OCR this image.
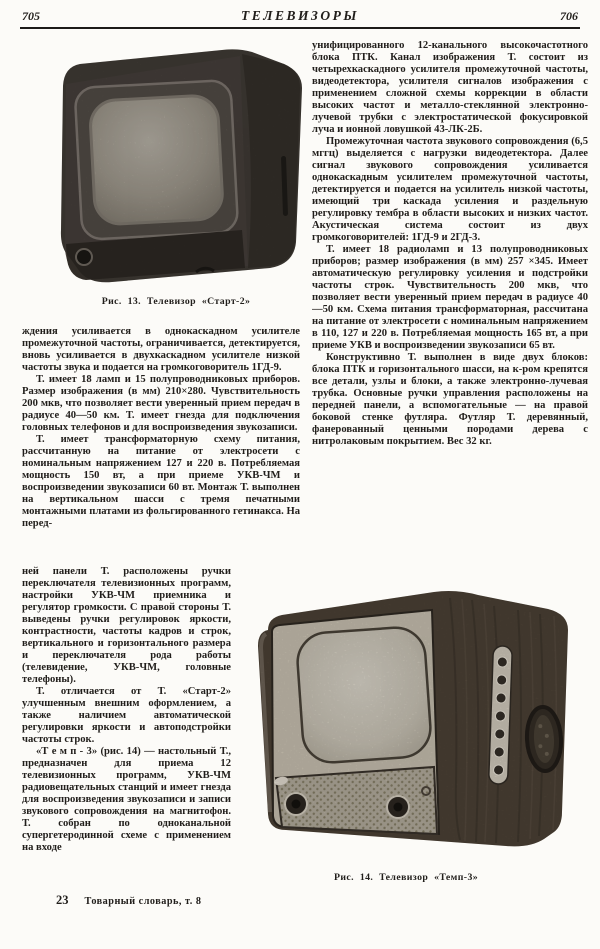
705	ТЕЛЕВИЗОРЫ	706
Рис. 13. Телевизор «Старт-2»

ждения усиливается в однокаскадном усилителе промежуточной частоты, ограничивается, детектируется, вновь усиливается в двухкаскадном усилителе низкой частоты звука и подается на громкоговоритель 1ГД-9.

Т. имеет 18 ламп и 15 полупроводниковых приборов. Размер изображения (в мм) 210×280. Чувствительность 200 мкв, что позволяет вести уверенный прием передач в радиусе 40—50 км. Т. имеет гнезда для подключения головных телефонов и для воспроизведения звукозаписи.

Т. имеет трансформаторную схему питания, рассчитанную на питание от электросети с номинальным напряжением 127 и 220 в. Потребляемая мощность 150 вт, а при приеме УКВ-ЧМ и воспроизведении звукозаписи 60 вт. Монтаж Т. выполнен на вертикальном шасси с тремя печатными монтажными платами из фольгированного гетинакса. На перед-

ней панели Т. расположены ручки переключателя телевизионных программ, настройки УКВ-ЧМ приемника и регулятор громкости. С правой стороны Т. выведены ручки регулировок яркости, контрастности, частоты кадров и строк, вертикального и горизонтального размера и переключателя рода работы (телевидение, УКВ-ЧМ, головные телефоны).

Т. отличается от Т. «Старт-2» улучшенным внешним оформлением, а также наличием автоматической регулировки яркости и автоподстройки частоты строк.

«Т е м п - 3» (рис. 14) — настольный Т., предназначен для приема 12 телевизионных программ, УКВ-ЧМ радиовещательных станций и имеет гнезда для воспроизведения звукозаписи и записи звукового сопровождения на магнитофон. Т. собран по одноканальной супергетеродинной схеме с применением на входе

унифицированного 12-канального высокочастотного блока ПТК. Канал изображения Т. состоит из четырехкаскадного усилителя промежуточной частоты, видеодетектора, усилителя сигналов изображения с применением сложной схемы коррекции в области высоких частот и металло-стеклянной электронно-лучевой трубки с электростатической фокусировкой луча и ионной ловушкой 43-ЛК-2Б.

Промежуточная частота звукового сопровождения (6,5 мггц) выделяется с нагрузки видеодетектора. Далее сигнал звукового сопровождения усиливается однокаскадным усилителем промежуточной частоты, детектируется и подается на усилитель низкой частоты, имеющий три каскада усиления и раздельную регулировку тембра в области высоких и низких частот. Акустическая система состоит из двух громкоговорителей: 1ГД-9 и 2ГД-3.

Т. имеет 18 радиоламп и 13 полупроводниковых приборов; размер изображения (в мм) 257 ×345. Имеет автоматическую регулировку усиления и подстройки частоты строк. Чувствительность 200 мкв, что позволяет вести уверенный прием передач в радиусе 40—50 км. Схема питания трансформаторная, рассчитана на питание от электросети с номинальным напряжением в 110, 127 и 220 в. Потребляемая мощность 165 вт, а при приеме УКВ и воспроизведении звукозаписи 65 вт.

Конструктивно Т. выполнен в виде двух блоков: блока ПТК и горизонтального шасси, на к-ром крепятся все детали, узлы и блоки, а также электронно-лучевая трубка. Основные ручки управления расположены на передней панели, а вспомогательные — на правой боковой стенке футляра. Футляр Т. деревянный, фанерованный ценными породами дерева с нитролаковым покрытием. Вес 32 кг.

Рис. 14. Телевизор «Темп-3»
23 Товарный словарь, т. 8
